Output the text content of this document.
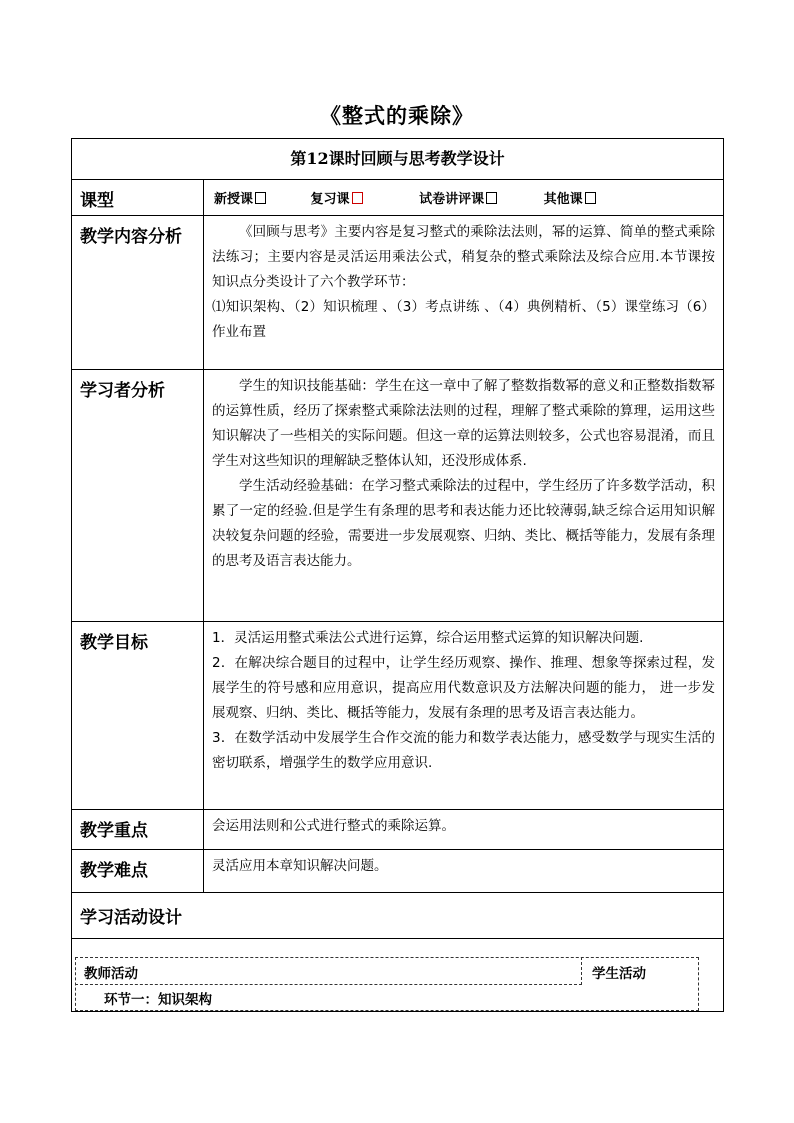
《整式的乘除》
第12课时回顾与思考教学设计	
课型	新授课 复习课 试卷讲评课 其他课
教学内容分析	《回顾与思考》主要内容是复习整式的乘除法法则，幂的运算、简单的整式乘除法练习；主要内容是灵活运用乘法公式，稍复杂的整式乘除法及综合应用.本节课按知识点分类设计了六个教学环节：

⑴知识架构、（2）知识梳理 、（3）考点讲练 、（4）典例精析、（5）课堂练习（6）作业布置

学习者分析	学生的知识技能基础：学生在这一章中了解了整数指数幂的意义和正整数指数幂的运算性质，经历了探索整式乘除法法则的过程，理解了整式乘除的算理，运用这些知识解决了一些相关的实际问题。但这一章的运算法则较多，公式也容易混淆，而且学生对这些知识的理解缺乏整体认知，还没形成体系.

学生活动经验基础：在学习整式乘除法的过程中，学生经历了许多数学活动，积累了一定的经验.但是学生有条理的思考和表达能力还比较薄弱,缺乏综合运用知识解决较复杂问题的经验，需要进一步发展观察、归纳、类比、概括等能力，发展有条理的思考及语言表达能力。

教学目标	1．灵活运用整式乘法公式进行运算，综合运用整式运算的知识解决问题.

2．在解决综合题目的过程中，让学生经历观察、操作、推理、想象等探索过程，发展学生的符号感和应用意识，提高应用代数意识及方法解决问题的能力， 进一步发展观察、归纳、类比、概括等能力，发展有条理的思考及语言表达能力。

3．在数学活动中发展学生合作交流的能力和数学表达能力，感受数学与现实生活的密切联系，增强学生的数学应用意识.

教学重点	会运用法则和公式进行整式的乘除运算。
教学难点	灵活应用本章知识解决问题。
学习活动设计	

教师活动 学生活动
环节一：知识架构	
